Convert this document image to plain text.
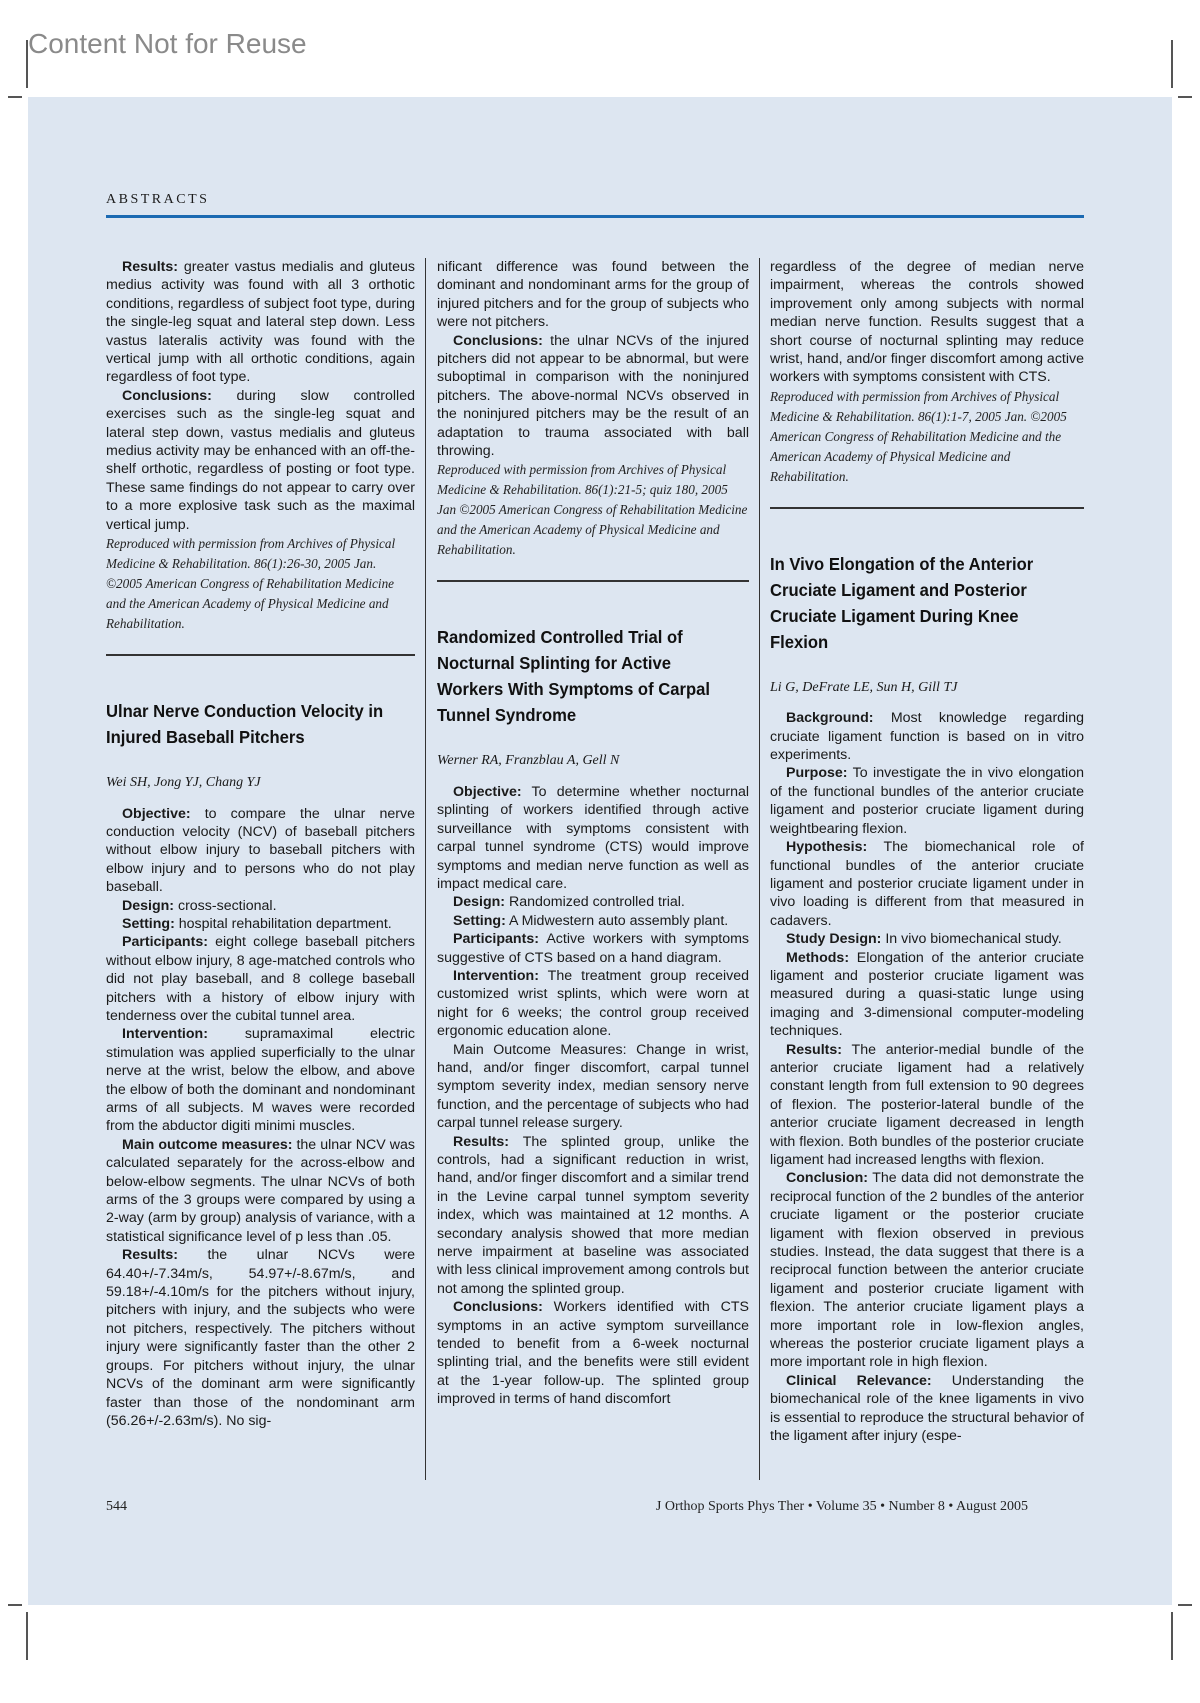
Content Not for Reuse
ABSTRACTS

Results: greater vastus medialis and gluteus medius activity was found with all 3 orthotic conditions, regardless of subject foot type, during the single-leg squat and lateral step down. Less vastus lateralis activity was found with the vertical jump with all orthotic conditions, again regardless of foot type.

Conclusions: during slow controlled exercises such as the single-leg squat and lateral step down, vastus medialis and gluteus medius activity may be enhanced with an off-the-shelf orthotic, regardless of posting or foot type. These same findings do not appear to carry over to a more explosive task such as the maximal vertical jump.

Reproduced with permission from Archives of Physical Medicine & Rehabilitation. 86(1):26-30, 2005 Jan. ©2005 American Congress of Rehabilitation Medicine and the American Academy of Physical Medicine and Rehabilitation.

Ulnar Nerve Conduction Velocity in Injured Baseball Pitchers
Wei SH, Jong YJ, Chang YJ

Objective: to compare the ulnar nerve conduction velocity (NCV) of baseball pitchers without elbow injury to baseball pitchers with elbow injury and to persons who do not play baseball.

Design: cross-sectional.

Setting: hospital rehabilitation department.

Participants: eight college baseball pitchers without elbow injury, 8 age-matched controls who did not play baseball, and 8 college baseball pitchers with a history of elbow injury with tenderness over the cubital tunnel area.

Intervention: supramaximal electric stimulation was applied superficially to the ulnar nerve at the wrist, below the elbow, and above the elbow of both the dominant and nondominant arms of all subjects. M waves were recorded from the abductor digiti minimi muscles.

Main outcome measures: the ulnar NCV was calculated separately for the across-elbow and below-elbow segments. The ulnar NCVs of both arms of the 3 groups were compared by using a 2-way (arm by group) analysis of variance, with a statistical significance level of p less than .05.

Results: the ulnar NCVs were 64.40+/-7.34m/s, 54.97+/-8.67m/s, and 59.18+/-4.10m/s for the pitchers without injury, pitchers with injury, and the subjects who were not pitchers, respectively. The pitchers without injury were significantly faster than the other 2 groups. For pitchers without injury, the ulnar NCVs of the dominant arm were significantly faster than those of the nondominant arm (56.26+/-2.63m/s). No sig-

nificant difference was found between the dominant and nondominant arms for the group of injured pitchers and for the group of subjects who were not pitchers.

Conclusions: the ulnar NCVs of the injured pitchers did not appear to be abnormal, but were suboptimal in comparison with the noninjured pitchers. The above-normal NCVs observed in the noninjured pitchers may be the result of an adaptation to trauma associated with ball throwing.

Reproduced with permission from Archives of Physical Medicine & Rehabilitation. 86(1):21-5; quiz 180, 2005 Jan ©2005 American Congress of Rehabilitation Medicine and the American Academy of Physical Medicine and Rehabilitation.

Randomized Controlled Trial of Nocturnal Splinting for Active Workers With Symptoms of Carpal Tunnel Syndrome
Werner RA, Franzblau A, Gell N

Objective: To determine whether nocturnal splinting of workers identified through active surveillance with symptoms consistent with carpal tunnel syndrome (CTS) would improve symptoms and median nerve function as well as impact medical care.

Design: Randomized controlled trial.

Setting: A Midwestern auto assembly plant.

Participants: Active workers with symptoms suggestive of CTS based on a hand diagram.

Intervention: The treatment group received customized wrist splints, which were worn at night for 6 weeks; the control group received ergonomic education alone.

Main Outcome Measures: Change in wrist, hand, and/or finger discomfort, carpal tunnel symptom severity index, median sensory nerve function, and the percentage of subjects who had carpal tunnel release surgery.

Results: The splinted group, unlike the controls, had a significant reduction in wrist, hand, and/or finger discomfort and a similar trend in the Levine carpal tunnel symptom severity index, which was maintained at 12 months. A secondary analysis showed that more median nerve impairment at baseline was associated with less clinical improvement among controls but not among the splinted group.

Conclusions: Workers identified with CTS symptoms in an active symptom surveillance tended to benefit from a 6-week nocturnal splinting trial, and the benefits were still evident at the 1-year follow-up. The splinted group improved in terms of hand discomfort

regardless of the degree of median nerve impairment, whereas the controls showed improvement only among subjects with normal median nerve function. Results suggest that a short course of nocturnal splinting may reduce wrist, hand, and/or finger discomfort among active workers with symptoms consistent with CTS.

Reproduced with permission from Archives of Physical Medicine & Rehabilitation. 86(1):1-7, 2005 Jan. ©2005 American Congress of Rehabilitation Medicine and the American Academy of Physical Medicine and Rehabilitation.

In Vivo Elongation of the Anterior Cruciate Ligament and Posterior Cruciate Ligament During Knee Flexion
Li G, DeFrate LE, Sun H, Gill TJ

Background: Most knowledge regarding cruciate ligament function is based on in vitro experiments.

Purpose: To investigate the in vivo elongation of the functional bundles of the anterior cruciate ligament and posterior cruciate ligament during weightbearing flexion.

Hypothesis: The biomechanical role of functional bundles of the anterior cruciate ligament and posterior cruciate ligament under in vivo loading is different from that measured in cadavers.

Study Design: In vivo biomechanical study.

Methods: Elongation of the anterior cruciate ligament and posterior cruciate ligament was measured during a quasi-static lunge using imaging and 3-dimensional computer-modeling techniques.

Results: The anterior-medial bundle of the anterior cruciate ligament had a relatively constant length from full extension to 90 degrees of flexion. The posterior-lateral bundle of the anterior cruciate ligament decreased in length with flexion. Both bundles of the posterior cruciate ligament had increased lengths with flexion.

Conclusion: The data did not demonstrate the reciprocal function of the 2 bundles of the anterior cruciate ligament or the posterior cruciate ligament with flexion observed in previous studies. Instead, the data suggest that there is a reciprocal function between the anterior cruciate ligament and posterior cruciate ligament with flexion. The anterior cruciate ligament plays a more important role in low-flexion angles, whereas the posterior cruciate ligament plays a more important role in high flexion.

Clinical Relevance: Understanding the biomechanical role of the knee ligaments in vivo is essential to reproduce the structural behavior of the ligament after injury (espe-

544	J Orthop Sports Phys Ther • Volume 35 • Number 8 • August 2005
